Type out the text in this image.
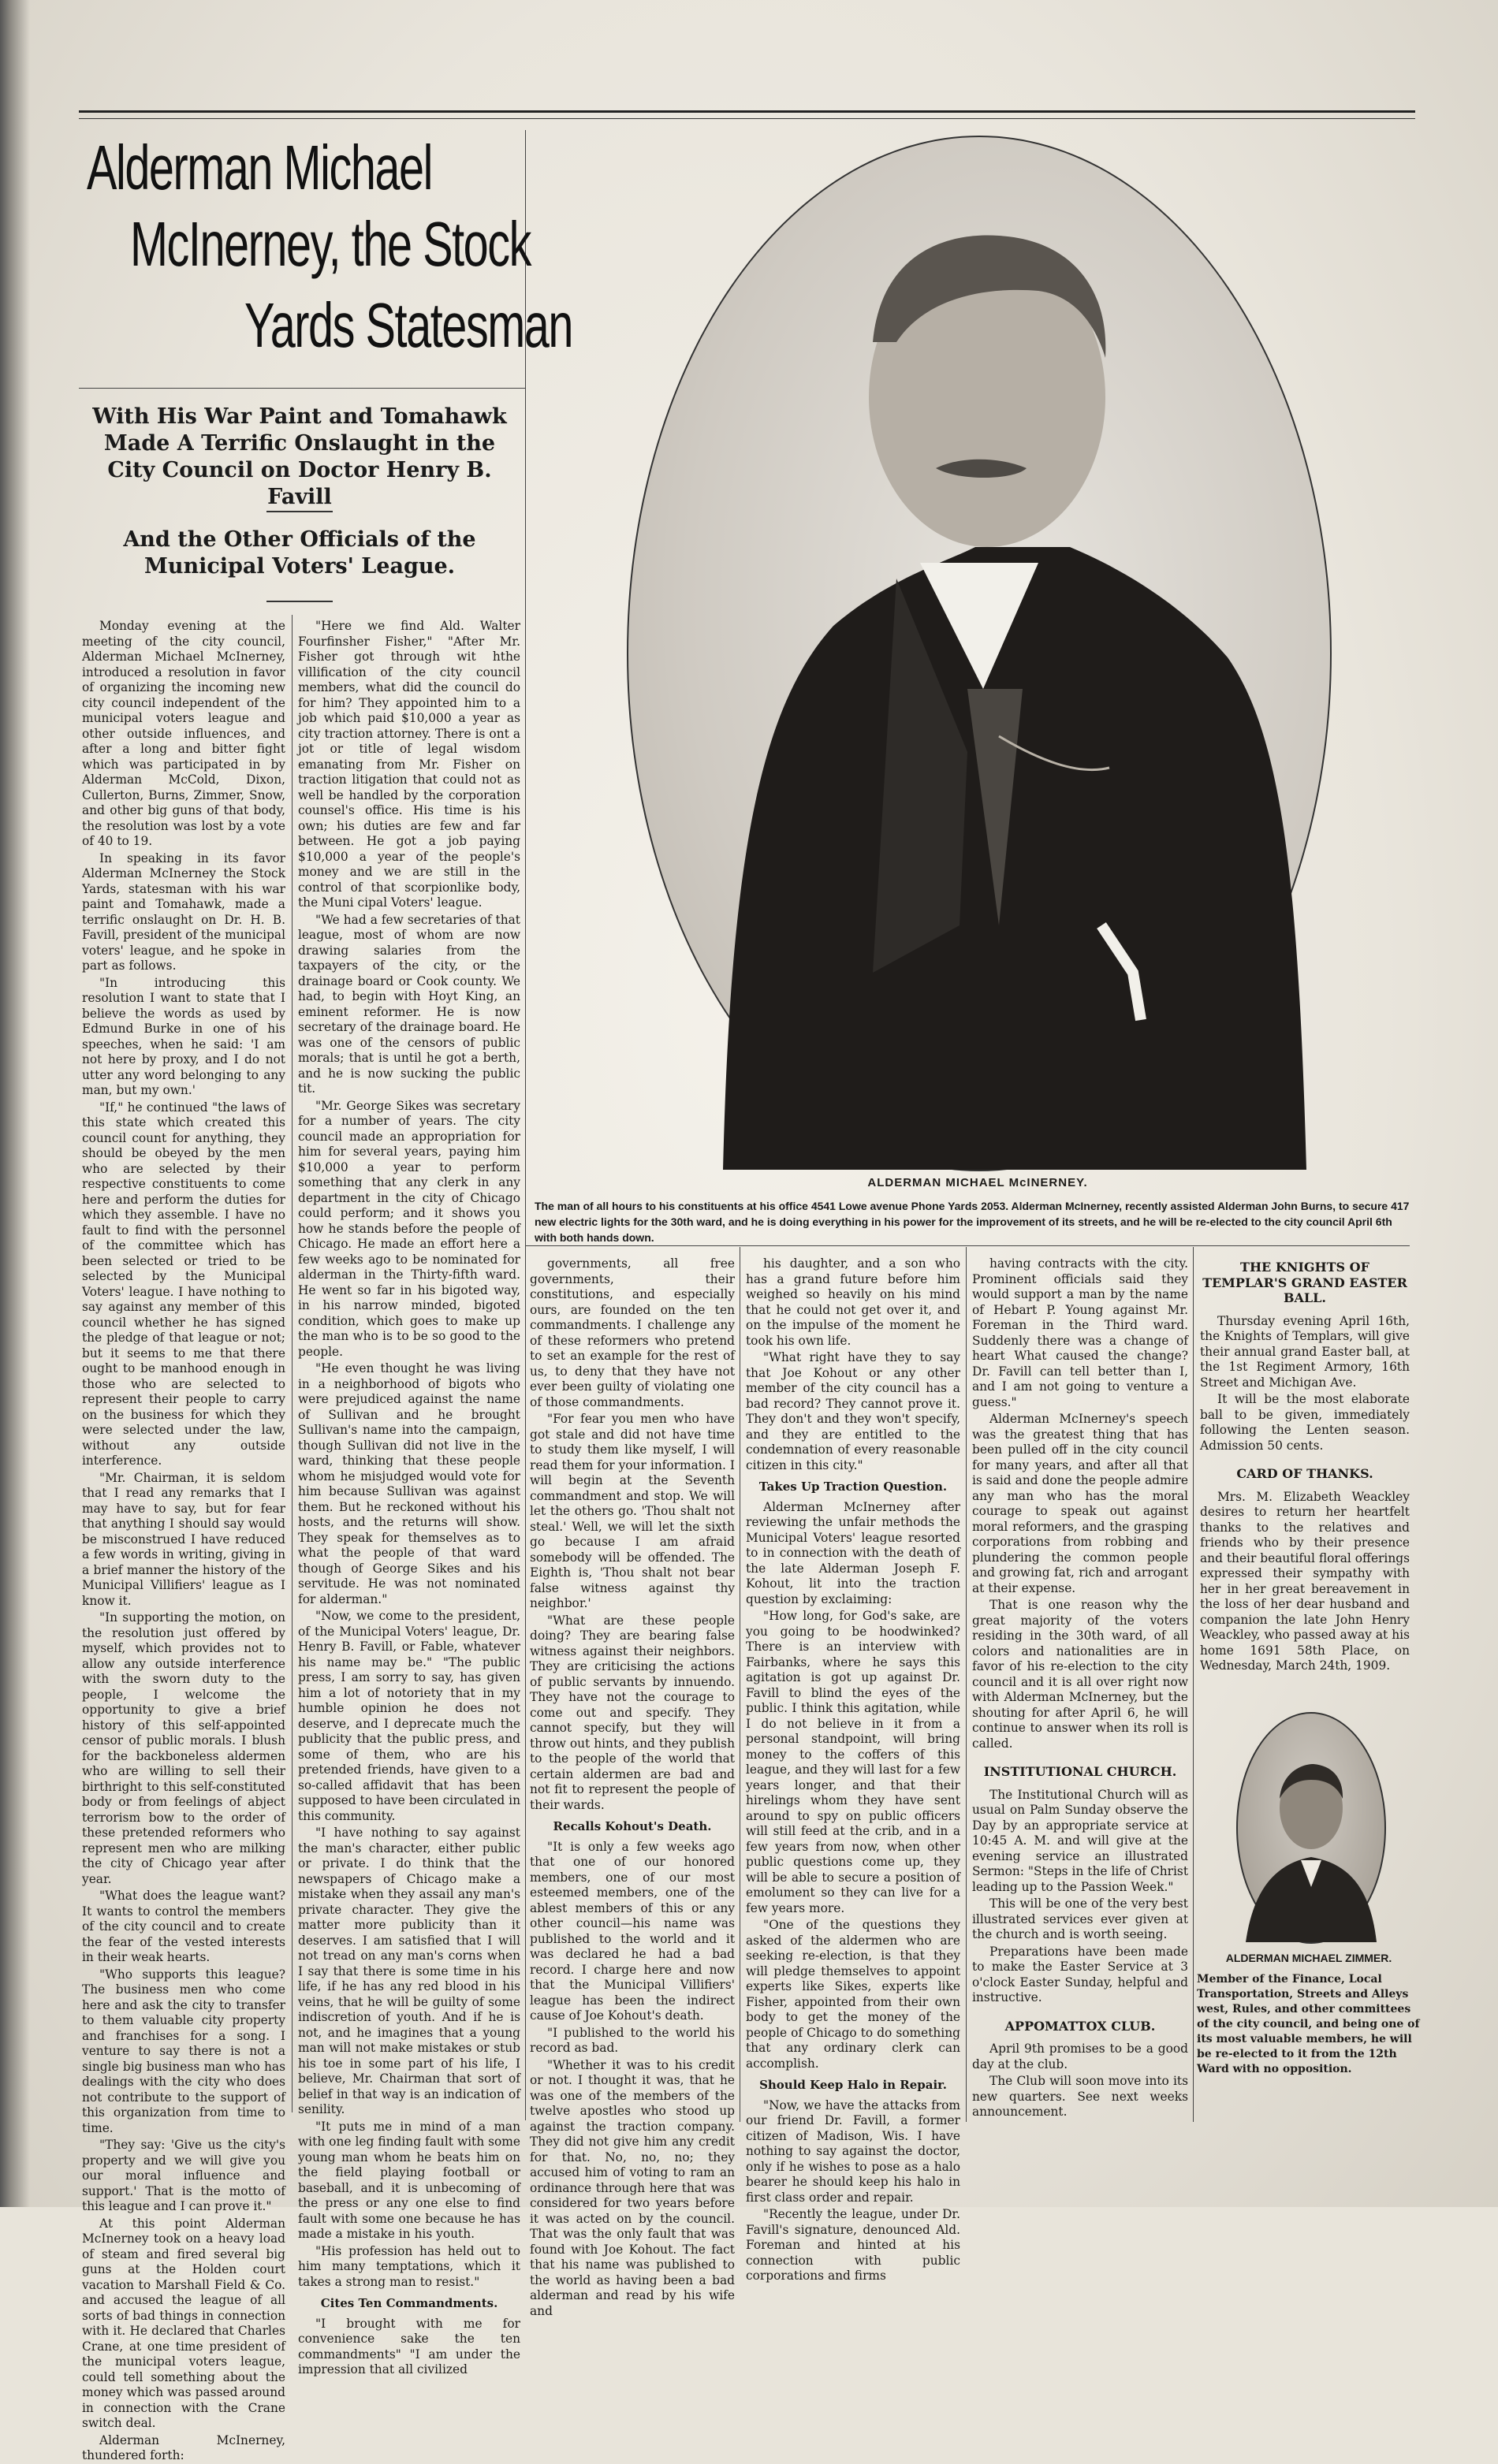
Alderman Michael
McInerney, the Stock
Yards Statesman
With His War Paint and Tomahawk Made A Terrific Onslaught in the City Council on Doctor Henry B. Favill
And the Other Officials of the Municipal Voters' League.

Monday evening at the meeting of the city council, Alderman Michael McInerney, introduced a resolution in favor of organizing the incoming new city council independent of the municipal voters league and other outside influences, and after a long and bitter fight which was participated in by Alderman McCold, Dixon, Cullerton, Burns, Zimmer, Snow, and other big guns of that body, the resolution was lost by a vote of 40 to 19.

In speaking in its favor Alderman McInerney the Stock Yards, statesman with his war paint and Tomahawk, made a terrific onslaught on Dr. H. B. Favill, president of the municipal voters' league, and he spoke in part as follows.

"In introducing this resolution I want to state that I believe the words as used by Edmund Burke in one of his speeches, when he said: 'I am not here by proxy, and I do not utter any word belonging to any man, but my own.'

"If," he continued "the laws of this state which created this council count for anything, they should be obeyed by the men who are selected by their respective constituents to come here and perform the duties for which they assemble. I have no fault to find with the personnel of the committee which has been selected or tried to be selected by the Municipal Voters' league. I have nothing to say against any member of this council whether he has signed the pledge of that league or not; but it seems to me that there ought to be manhood enough in those who are selected to represent their people to carry on the business for which they were selected under the law, without any outside interference.

"Mr. Chairman, it is seldom that I read any remarks that I may have to say, but for fear that anything I should say would be misconstrued I have reduced a few words in writing, giving in a brief manner the history of the Municipal Villifiers' league as I know it.

"In supporting the motion, on the resolution just offered by myself, which provides not to allow any outside interference with the sworn duty to the people, I welcome the opportunity to give a brief history of this self-appointed censor of public morals. I blush for the backboneless aldermen who are willing to sell their birthright to this self-constituted body or from feelings of abject terrorism bow to the order of these pretended reformers who represent men who are milking the city of Chicago year after year.

"What does the league want? It wants to control the members of the city council and to create the fear of the vested interests in their weak hearts.

"Who supports this league? The business men who come here and ask the city to transfer to them valuable city property and franchises for a song. I venture to say there is not a single big business man who has dealings with the city who does not contribute to the support of this organization from time to time.

"They say: 'Give us the city's property and we will give you our moral influence and support.' That is the motto of this league and I can prove it."

At this point Alderman McInerney took on a heavy load of steam and fired several big guns at the Holden court vacation to Marshall Field & Co. and accused the league of all sorts of bad things in connection with it. He declared that Charles Crane, at one time president of the municipal voters league, could tell something about the money which was passed around in connection with the Crane switch deal.

Alderman McInerney, thundered forth:

"Here we find Ald. Walter Fourfinsher Fisher," "After Mr. Fisher got through wit hthe villification of the city council members, what did the council do for him? They appointed him to a job which paid $10,000 a year as city traction attorney. There is ont a jot or title of legal wisdom emanating from Mr. Fisher on traction litigation that could not as well be handled by the corporation counsel's office. His time is his own; his duties are few and far between. He got a job paying $10,000 a year of the people's money and we are still in the control of that scorpionlike body, the Muni cipal Voters' league.

"We had a few secretaries of that league, most of whom are now drawing salaries from the taxpayers of the city, or the drainage board or Cook county. We had, to begin with Hoyt King, an eminent reformer. He is now secretary of the drainage board. He was one of the censors of public morals; that is until he got a berth, and he is now sucking the public tit.

"Mr. George Sikes was secretary for a number of years. The city council made an appropriation for him for several years, paying him $10,000 a year to perform something that any clerk in any department in the city of Chicago could perform; and it shows you how he stands before the people of Chicago. He made an effort here a few weeks ago to be nominated for alderman in the Thirty-fifth ward. He went so far in his bigoted way, in his narrow minded, bigoted condition, which goes to make up the man who is to be so good to the people.

"He even thought he was living in a neighborhood of bigots who were prejudiced against the name of Sullivan and he brought Sullivan's name into the campaign, though Sullivan did not live in the ward, thinking that these people whom he misjudged would vote for him because Sullivan was against them. But he reckoned without his hosts, and the returns will show. They speak for themselves as to what the people of that ward though of George Sikes and his servitude. He was not nominated for alderman."

"Now, we come to the president, of the Municipal Voters' league, Dr. Henry B. Favill, or Fable, whatever his name may be." "The public press, I am sorry to say, has given him a lot of notoriety that in my humble opinion he does not deserve, and I deprecate much the publicity that the public press, and some of them, who are his pretended friends, have given to a so-called affidavit that has been supposed to have been circulated in this community.

"I have nothing to say against the man's character, either public or private. I do think that the newspapers of Chicago make a mistake when they assail any man's private character. They give the matter more publicity than it deserves. I am satisfied that I will not tread on any man's corns when I say that there is some time in his life, if he has any red blood in his veins, that he will be guilty of some indiscretion of youth. And if he is not, and he imagines that a young man will not make mistakes or stub his toe in some part of his life, I believe, Mr. Chairman that sort of belief in that way is an indication of senility.

"It puts me in mind of a man with one leg finding fault with some young man whom he beats him on the field playing football or baseball, and it is unbecoming of the press or any one else to find fault with some one because he has made a mistake in his youth.

"His profession has held out to him many temptations, which it takes a strong man to resist."

Cites Ten Commandments.

"I brought with me for convenience sake the ten commandments" "I am under the impression that all civilized

ALDERMAN MICHAEL McINERNEY.
The man of all hours to his constituents at his office 4541 Lowe avenue Phone Yards 2053. Alderman McInerney, recently assisted Alderman John Burns, to secure 417 new electric lights for the 30th ward, and he is doing everything in his power for the improvement of its streets, and he will be re-elected to the city council April 6th with both hands down.

governments, all free governments, their constitutions, and especially ours, are founded on the ten commandments. I challenge any of these reformers who pretend to set an example for the rest of us, to deny that they have not ever been guilty of violating one of those commandments.

"For fear you men who have got stale and did not have time to study them like myself, I will read them for your information. I will begin at the Seventh commandment and stop. We will let the others go. 'Thou shalt not steal.' Well, we will let the sixth go because I am afraid somebody will be offended. The Eighth is, 'Thou shalt not bear false witness against thy neighbor.'

"What are these people doing? They are bearing false witness against their neighbors. They are criticising the actions of public servants by innuendo. They have not the courage to come out and specify. They cannot specify, but they will throw out hints, and they publish to the people of the world that certain aldermen are bad and not fit to represent the people of their wards.

Recalls Kohout's Death.

"It is only a few weeks ago that one of our honored members, one of our most esteemed members, one of the ablest members of this or any other council—his name was published to the world and it was declared he had a bad record. I charge here and now that the Municipal Villifiers' league has been the indirect cause of Joe Kohout's death.

"I published to the world his record as bad.

"Whether it was to his credit or not. I thought it was, that he was one of the members of the twelve apostles who stood up against the traction company. They did not give him any credit for that. No, no, no; they accused him of voting to ram an ordinance through here that was considered for two years before it was acted on by the council. That was the only fault that was found with Joe Kohout. The fact that his name was published to the world as having been a bad alderman and read by his wife and

his daughter, and a son who has a grand future before him weighed so heavily on his mind that he could not get over it, and on the impulse of the moment he took his own life.

"What right have they to say that Joe Kohout or any other member of the city council has a bad record? They cannot prove it. They don't and they won't specify, and they are entitled to the condemnation of every reasonable citizen in this city."

Takes Up Traction Question.

Alderman McInerney after reviewing the unfair methods the Municipal Voters' league resorted to in connection with the death of the late Alderman Joseph F. Kohout, lit into the traction question by exclaiming:

"How long, for God's sake, are you going to be hoodwinked? There is an interview with Fairbanks, where he says this agitation is got up against Dr. Favill to blind the eyes of the public. I think this agitation, while I do not believe in it from a personal standpoint, will bring money to the coffers of this league, and they will last for a few years longer, and that their hirelings whom they have sent around to spy on public officers will still feed at the crib, and in a few years from now, when other public questions come up, they will be able to secure a position of emolument so they can live for a few years more.

"One of the questions they asked of the aldermen who are seeking re-election, is that they will pledge themselves to appoint experts like Sikes, experts like Fisher, appointed from their own body to get the money of the people of Chicago to do something that any ordinary clerk can accomplish.

Should Keep Halo in Repair.

"Now, we have the attacks from our friend Dr. Favill, a former citizen of Madison, Wis. I have nothing to say against the doctor, only if he wishes to pose as a halo bearer he should keep his halo in first class order and repair.

"Recently the league, under Dr. Favill's signature, denounced Ald. Foreman and hinted at his connection with public corporations and firms

having contracts with the city. Prominent officials said they would support a man by the name of Hebart P. Young against Mr. Foreman in the Third ward. Suddenly there was a change of heart What caused the change? Dr. Favill can tell better than I, and I am not going to venture a guess."

Alderman McInerney's speech was the greatest thing that has been pulled off in the city council for many years, and after all that is said and done the people admire any man who has the moral courage to speak out against moral reformers, and the grasping corporations from robbing and plundering the common people and growing fat, rich and arrogant at their expense.

That is one reason why the great majority of the voters residing in the 30th ward, of all colors and nationalities are in favor of his re-election to the city council and it is all over right now with Alderman McInerney, but the shouting for after April 6, he will continue to answer when its roll is called.

INSTITUTIONAL CHURCH.

The Institutional Church will as usual on Palm Sunday observe the Day by an appropriate service at 10:45 A. M. and will give at the evening service an illustrated Sermon: "Steps in the life of Christ leading up to the Passion Week."

This will be one of the very best illustrated services ever given at the church and is worth seeing.

Preparations have been made to make the Easter Service at 3 o'clock Easter Sunday, helpful and instructive.

APPOMATTOX CLUB.

April 9th promises to be a good day at the club.

The Club will soon move into its new quarters. See next weeks announcement.

THE KNIGHTS OF TEMPLAR'S GRAND EASTER BALL.

Thursday evening April 16th, the Knights of Templars, will give their annual grand Easter ball, at the 1st Regiment Armory, 16th Street and Michigan Ave.

It will be the most elaborate ball to be given, immediately following the Lenten season. Admission 50 cents.

CARD OF THANKS.

Mrs. M. Elizabeth Weackley desires to return her heartfelt thanks to the relatives and friends who by their presence and their beautiful floral offerings expressed their sympathy with her in her great bereavement in the loss of her dear husband and companion the late John Henry Weackley, who passed away at his home 1691 58th Place, on Wednesday, March 24th, 1909.

ALDERMAN MICHAEL ZIMMER.
Member of the Finance, Local Transportation, Streets and Alleys west, Rules, and other committees of the city council, and being one of its most valuable members, he will be re-elected to it from the 12th Ward with no opposition.
